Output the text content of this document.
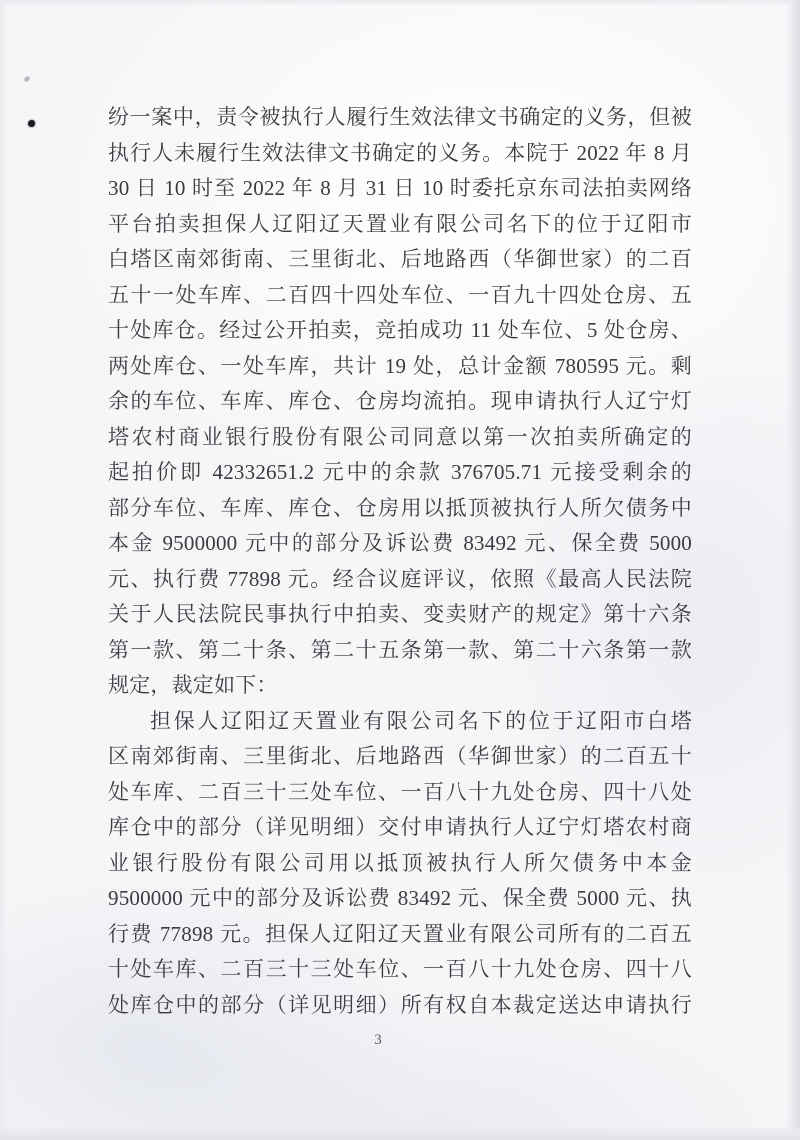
纷一案中，责令被执行人履行生效法律文书确定的义务，但被
执行人未履行生效法律文书确定的义务。本院于 2022 年 8 月
30 日 10 时至 2022 年 8 月 31 日 10 时委托京东司法拍卖网络
平台拍卖担保人辽阳辽天置业有限公司名下的位于辽阳市
白塔区南郊街南、三里街北、后地路西（华御世家）的二百
五十一处车库、二百四十四处车位、一百九十四处仓房、五
十处库仓。经过公开拍卖，竞拍成功 11 处车位、5 处仓房、
两处库仓、一处车库，共计 19 处，总计金额 780595 元。剩
余的车位、车库、库仓、仓房均流拍。现申请执行人辽宁灯
塔农村商业银行股份有限公司同意以第一次拍卖所确定的
起拍价即 42332651.2 元中的余款 376705.71 元接受剩余的
部分车位、车库、库仓、仓房用以抵顶被执行人所欠债务中
本金 9500000 元中的部分及诉讼费 83492 元、保全费 5000
元、执行费 77898 元。经合议庭评议，依照《最高人民法院
关于人民法院民事执行中拍卖、变卖财产的规定》第十六条
第一款、第二十条、第二十五条第一款、第二十六条第一款
规定，裁定如下：
担保人辽阳辽天置业有限公司名下的位于辽阳市白塔
区南郊街南、三里街北、后地路西（华御世家）的二百五十
处车库、二百三十三处车位、一百八十九处仓房、四十八处
库仓中的部分（详见明细）交付申请执行人辽宁灯塔农村商
业银行股份有限公司用以抵顶被执行人所欠债务中本金
9500000 元中的部分及诉讼费 83492 元、保全费 5000 元、执
行费 77898 元。担保人辽阳辽天置业有限公司所有的二百五
十处车库、二百三十三处车位、一百八十九处仓房、四十八
处库仓中的部分（详见明细）所有权自本裁定送达申请执行
3
